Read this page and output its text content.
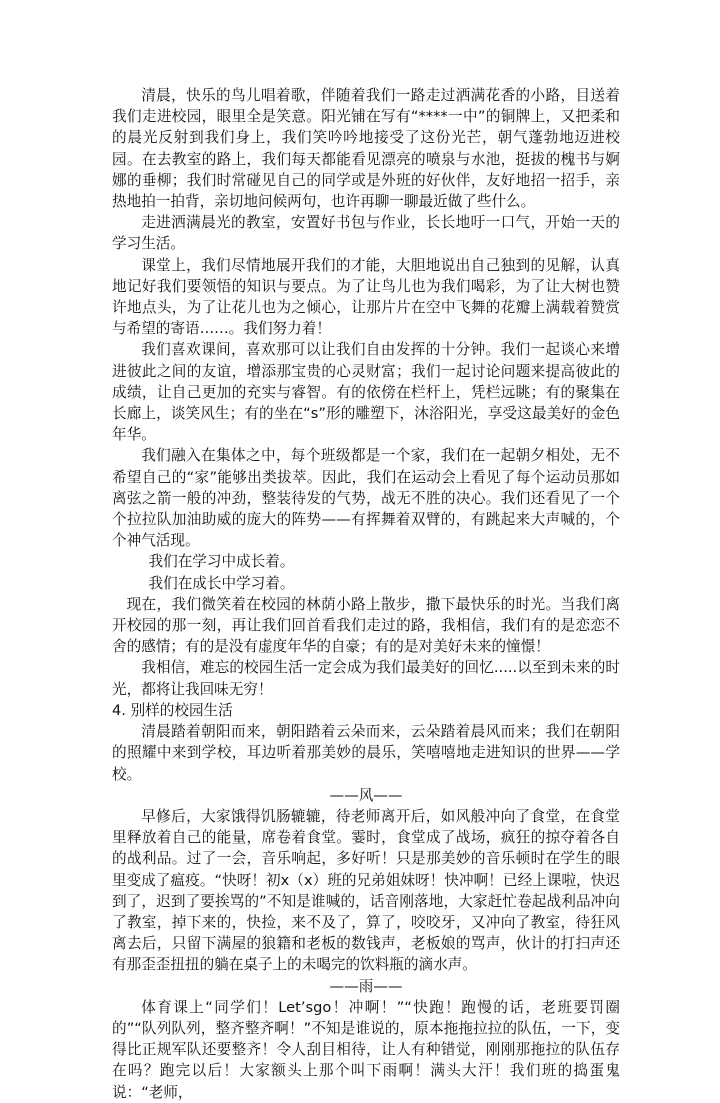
清晨，快乐的鸟儿唱着歌，伴随着我们一路走过洒满花香的小路，目送着我们走进校园，眼里全是笑意。阳光铺在写有“****一中”的铜牌上，又把柔和的晨光反射到我们身上，我们笑吟吟地接受了这份光芒，朝气蓬勃地迈进校园。在去教室的路上，我们每天都能看见漂亮的喷泉与水池，挺拔的槐书与婀娜的垂柳；我们时常碰见自己的同学或是外班的好伙伴，友好地招一招手，亲热地拍一拍背，亲切地问候两句，也许再聊一聊最近做了些什么。

走进洒满晨光的教室，安置好书包与作业，长长地吁一口气，开始一天的学习生活。

课堂上，我们尽情地展开我们的才能，大胆地说出自己独到的见解，认真地记好我们要领悟的知识与要点。为了让鸟儿也为我们喝彩，为了让大树也赞许地点头，为了让花儿也为之倾心，让那片片在空中飞舞的花瓣上满载着赞赏与希望的寄语……。我们努力着！

我们喜欢课间，喜欢那可以让我们自由发挥的十分钟。我们一起谈心来增进彼此之间的友谊，增添那宝贵的心灵财富；我们一起讨论问题来提高彼此的成绩，让自己更加的充实与睿智。有的依傍在栏杆上，凭栏远眺；有的聚集在长廊上，谈笑风生；有的坐在“s”形的雕塑下，沐浴阳光，享受这最美好的金色年华。

我们融入在集体之中，每个班级都是一个家，我们在一起朝夕相处，无不希望自己的“家”能够出类拔萃。因此，我们在运动会上看见了每个运动员那如离弦之箭一般的冲劲，整装待发的气势，战无不胜的决心。我们还看见了一个个拉拉队加油助威的庞大的阵势——有挥舞着双臂的，有跳起来大声喊的，个个神气活现。

我们在学习中成长着。

我们在成长中学习着。

现在，我们微笑着在校园的林荫小路上散步，撒下最快乐的时光。当我们离开校园的那一刻，再让我们回首看我们走过的路，我相信，我们有的是恋恋不舍的感情；有的是没有虚度年华的自豪；有的是对美好未来的憧憬！

我相信，难忘的校园生活一定会成为我们最美好的回忆.....以至到未来的时光，都将让我回味无穷！

4. 别样的校园生活

清晨踏着朝阳而来，朝阳踏着云朵而来，云朵踏着晨风而来；我们在朝阳的照耀中来到学校，耳边听着那美妙的晨乐，笑嘻嘻地走进知识的世界——学校。

——风——

早修后，大家饿得饥肠辘辘，待老师离开后，如风般冲向了食堂，在食堂里释放着自己的能量，席卷着食堂。霎时，食堂成了战场，疯狂的掠夺着各自的战利品。过了一会，音乐响起，多好听！只是那美妙的音乐顿时在学生的眼里变成了瘟疫。“快呀！初x（x）班的兄弟姐妹呀！快冲啊！已经上课啦，快迟到了，迟到了要挨骂的”不知是谁喊的，话音刚落地，大家赶忙卷起战利品冲向了教室，掉下来的，快捡，来不及了，算了，咬咬牙，又冲向了教室，待狂风离去后，只留下满屋的狼籍和老板的数钱声，老板娘的骂声，伙计的打扫声还有那歪歪扭扭的躺在桌子上的未喝完的饮料瓶的滴水声。

——雨——

体育课上“同学们！Let’sgo！冲啊！”“快跑！跑慢的话，老班要罚圈的”“队列队列，整齐整齐啊！”不知是谁说的，原本拖拖拉拉的队伍，一下，变得比正规军队还要整齐！令人刮目相待，让人有种错觉，刚刚那拖拉的队伍存在吗？跑完以后！大家额头上那个叫下雨啊！满头大汗！我们班的捣蛋鬼说：“老师，
